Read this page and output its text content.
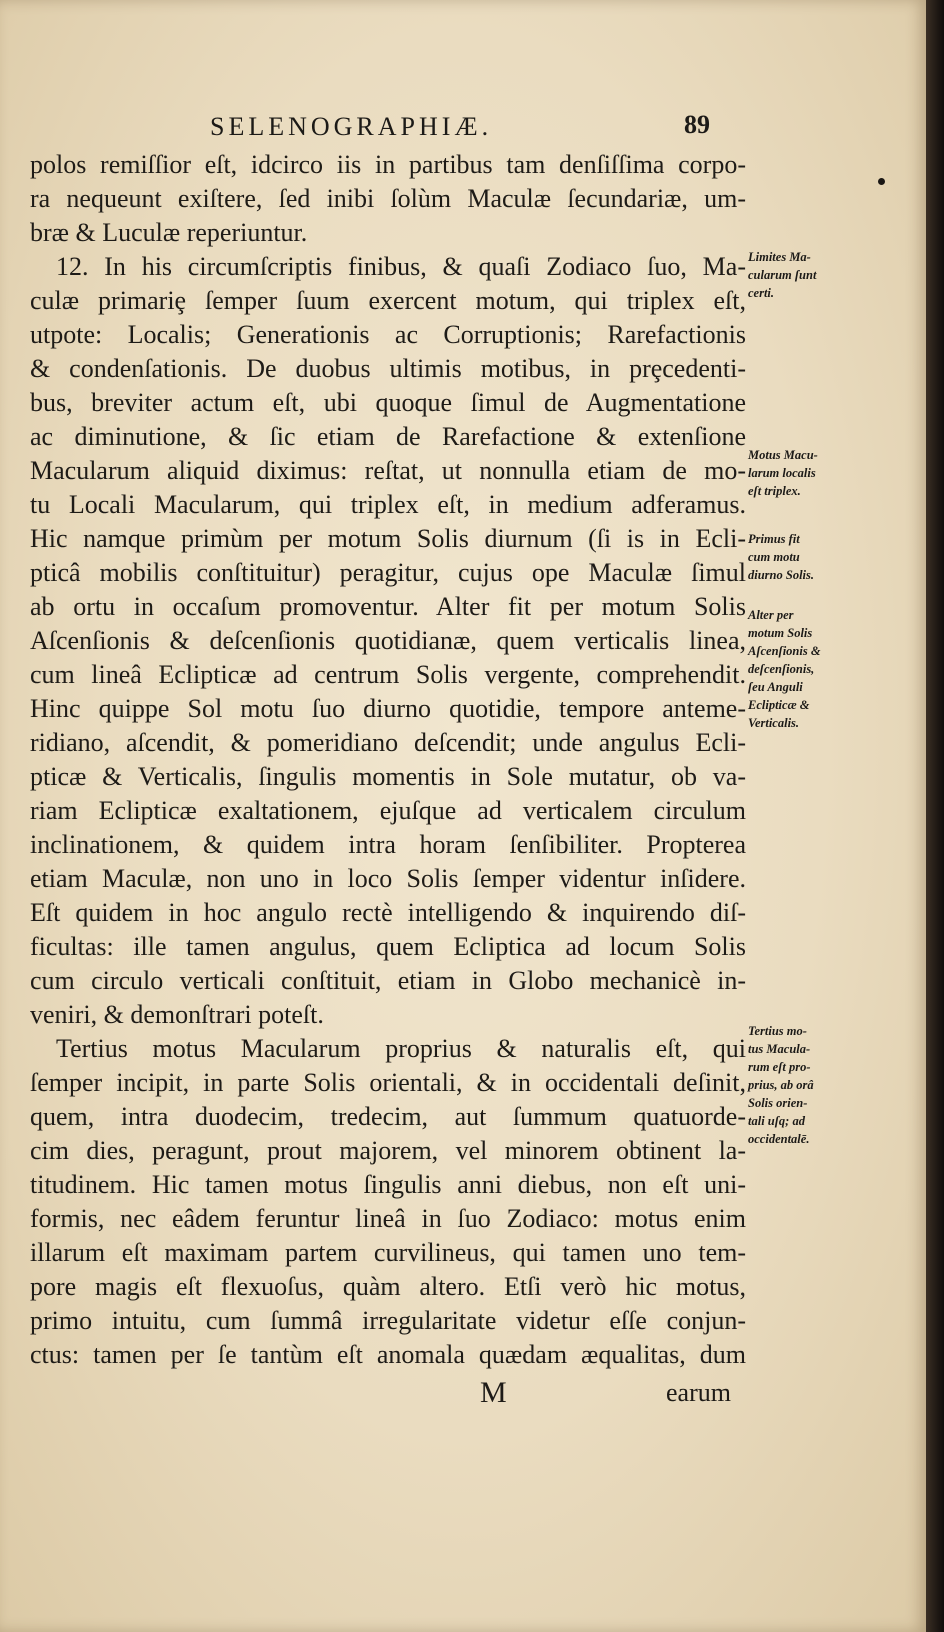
SELENOGRAPHIÆ.	89
polos remiſſior eſt, idcirco iis in partibus tam denſiſſima corpo-
ra nequeunt exiſtere, ſed inibi ſolùm Maculæ ſecundariæ, um-
bræ & Luculæ reperiuntur.
12. In his circumſcriptis finibus, & quaſi Zodiaco ſuo, Ma-
culæ primariȩ ſemper ſuum exercent motum, qui triplex eſt,
utpote: Localis; Generationis ac Corruptionis; Rarefactionis
& condenſationis. De duobus ultimis motibus, in prȩcedenti-
bus, breviter actum eſt, ubi quoque ſimul de Augmentatione
ac diminutione, & ſic etiam de Rarefactione & extenſione
Macularum aliquid diximus: reſtat, ut nonnulla etiam de mo-
tu Locali Macularum, qui triplex eſt, in medium adferamus.
Hic namque primùm per motum Solis diurnum (ſi is in Ecli-
pticâ mobilis conſtituitur) peragitur, cujus ope Maculæ ſimul
ab ortu in occaſum promoventur. Alter fit per motum Solis
Aſcenſionis & deſcenſionis quotidianæ, quem verticalis linea,
cum lineâ Eclipticæ ad centrum Solis vergente, comprehendit.
Hinc quippe Sol motu ſuo diurno quotidie, tempore anteme-
ridiano, aſcendit, & pomeridiano deſcendit; unde angulus Ecli-
pticæ & Verticalis, ſingulis momentis in Sole mutatur, ob va-
riam Eclipticæ exaltationem, ejuſque ad verticalem circulum
inclinationem, & quidem intra horam ſenſibiliter. Propterea
etiam Maculæ, non uno in loco Solis ſemper videntur inſidere.
Eſt quidem in hoc angulo rectè intelligendo & inquirendo diſ-
ficultas: ille tamen angulus, quem Ecliptica ad locum Solis
cum circulo verticali conſtituit, etiam in Globo mechanicè in-
veniri, & demonſtrari poteſt.
Tertius motus Macularum proprius & naturalis eſt, qui
ſemper incipit, in parte Solis orientali, & in occidentali deſinit,
quem, intra duodecim, tredecim, aut ſummum quatuorde-
cim dies, peragunt, prout majorem, vel minorem obtinent la-
titudinem. Hic tamen motus ſingulis anni diebus, non eſt uni-
formis, nec eâdem feruntur lineâ in ſuo Zodiaco: motus enim
illarum eſt maximam partem curvilineus, qui tamen uno tem-
pore magis eſt flexuoſus, quàm altero. Etſi verò hic motus,
primo intuitu, cum ſummâ irregularitate videtur eſſe conjun-
ctus: tamen per ſe tantùm eſt anomala quædam æqualitas, dum
M	earum
Limites Ma-
cularum ſunt
certi.
Motus Macu-
larum localis
eſt triplex.
Primus fit
cum motu
diurno Solis.
Alter per
motum Solis
Aſcenſionis &
deſcenſionis,
ſeu Anguli
Eclipticæ &
Verticalis.
Tertius mo-
tus Macula-
rum eſt pro-
prius, ab orâ
Solis orien-
tali uſq; ad
occidentalē.
